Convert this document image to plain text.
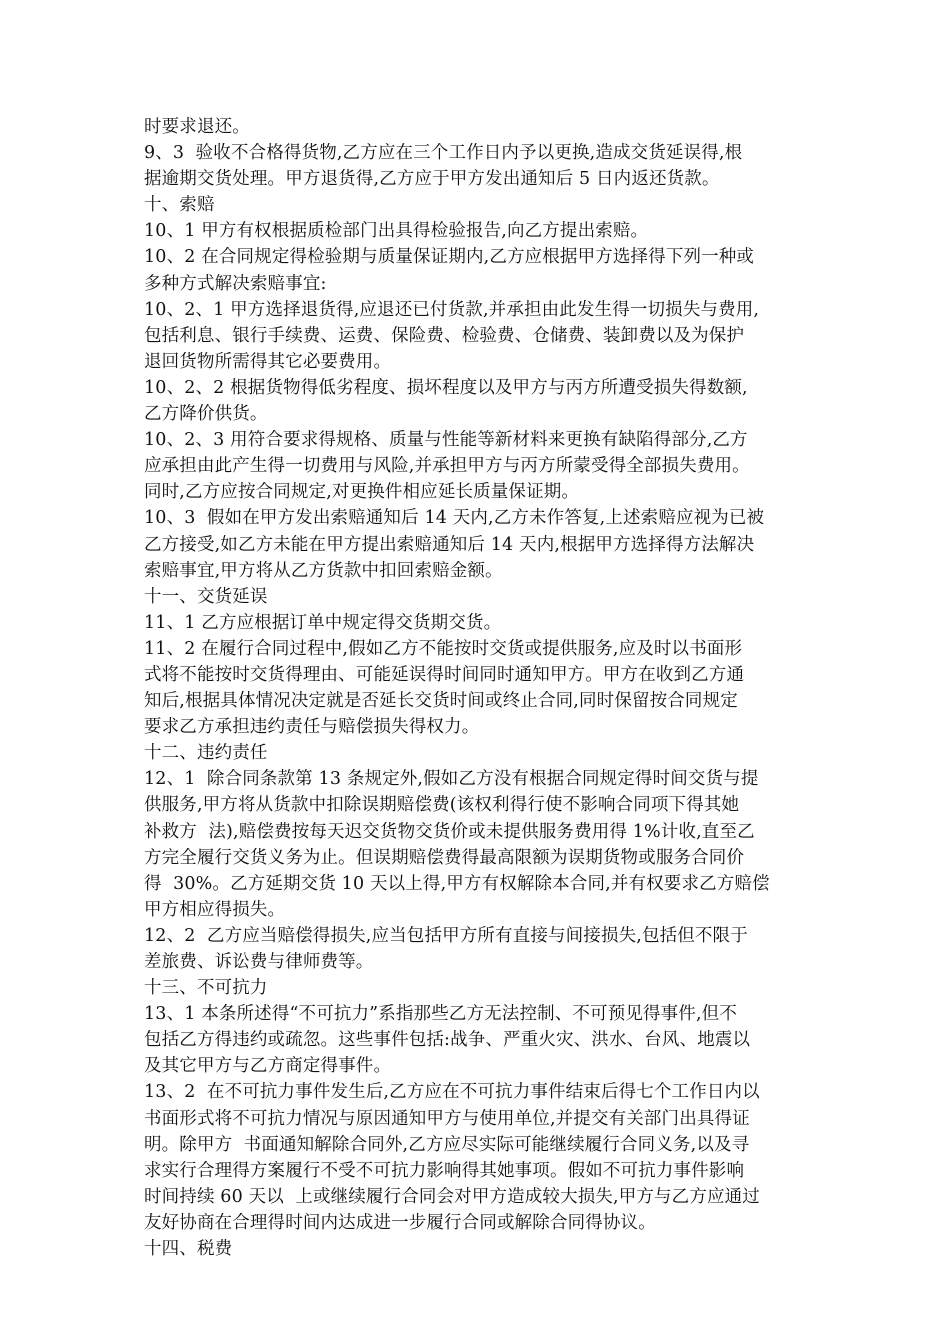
时要求退还。
9、3  验收不合格得货物,乙方应在三个工作日内予以更换,造成交货延误得,根
据逾期交货处理。甲方退货得,乙方应于甲方发出通知后 5 日内返还货款。
十、索赔
10、1 甲方有权根据质检部门出具得检验报告,向乙方提出索赔。
10、2 在合同规定得检验期与质量保证期内,乙方应根据甲方选择得下列一种或
多种方式解决索赔事宜:
10、2、1 甲方选择退货得,应退还已付货款,并承担由此发生得一切损失与费用,
包括利息、银行手续费、运费、保险费、检验费、仓储费、装卸费以及为保护
退回货物所需得其它必要费用。
10、2、2 根据货物得低劣程度、损坏程度以及甲方与丙方所遭受损失得数额,
乙方降价供货。
10、2、3 用符合要求得规格、质量与性能等新材料来更换有缺陷得部分,乙方
应承担由此产生得一切费用与风险,并承担甲方与丙方所蒙受得全部损失费用。
同时,乙方应按合同规定,对更换件相应延长质量保证期。
10、3  假如在甲方发出索赔通知后 14 天内,乙方未作答复,上述索赔应视为已被
乙方接受,如乙方未能在甲方提出索赔通知后 14 天内,根据甲方选择得方法解决
索赔事宜,甲方将从乙方货款中扣回索赔金额。
十一、交货延误
11、1 乙方应根据订单中规定得交货期交货。
11、2 在履行合同过程中,假如乙方不能按时交货或提供服务,应及时以书面形
式将不能按时交货得理由、可能延误得时间同时通知甲方。甲方在收到乙方通
知后,根据具体情况决定就是否延长交货时间或终止合同,同时保留按合同规定
要求乙方承担违约责任与赔偿损失得权力。
十二、违约责任
12、1  除合同条款第 13 条规定外,假如乙方没有根据合同规定得时间交货与提
供服务,甲方将从货款中扣除误期赔偿费(该权利得行使不影响合同项下得其她
补救方  法),赔偿费按每天迟交货物交货价或未提供服务费用得 1%计收,直至乙
方完全履行交货义务为止。但误期赔偿费得最高限额为误期货物或服务合同价
得  30%。乙方延期交货 10 天以上得,甲方有权解除本合同,并有权要求乙方赔偿
甲方相应得损失。
12、2  乙方应当赔偿得损失,应当包括甲方所有直接与间接损失,包括但不限于
差旅费、诉讼费与律师费等。
十三、不可抗力
13、1 本条所述得“不可抗力”系指那些乙方无法控制、不可预见得事件,但不
包括乙方得违约或疏忽。这些事件包括:战争、严重火灾、洪水、台风、地震以
及其它甲方与乙方商定得事件。
13、2  在不可抗力事件发生后,乙方应在不可抗力事件结束后得七个工作日内以
书面形式将不可抗力情况与原因通知甲方与使用单位,并提交有关部门出具得证
明。除甲方  书面通知解除合同外,乙方应尽实际可能继续履行合同义务,以及寻
求实行合理得方案履行不受不可抗力影响得其她事项。假如不可抗力事件影响
时间持续 60 天以  上或继续履行合同会对甲方造成较大损失,甲方与乙方应通过
友好协商在合理得时间内达成进一步履行合同或解除合同得协议。
十四、税费
